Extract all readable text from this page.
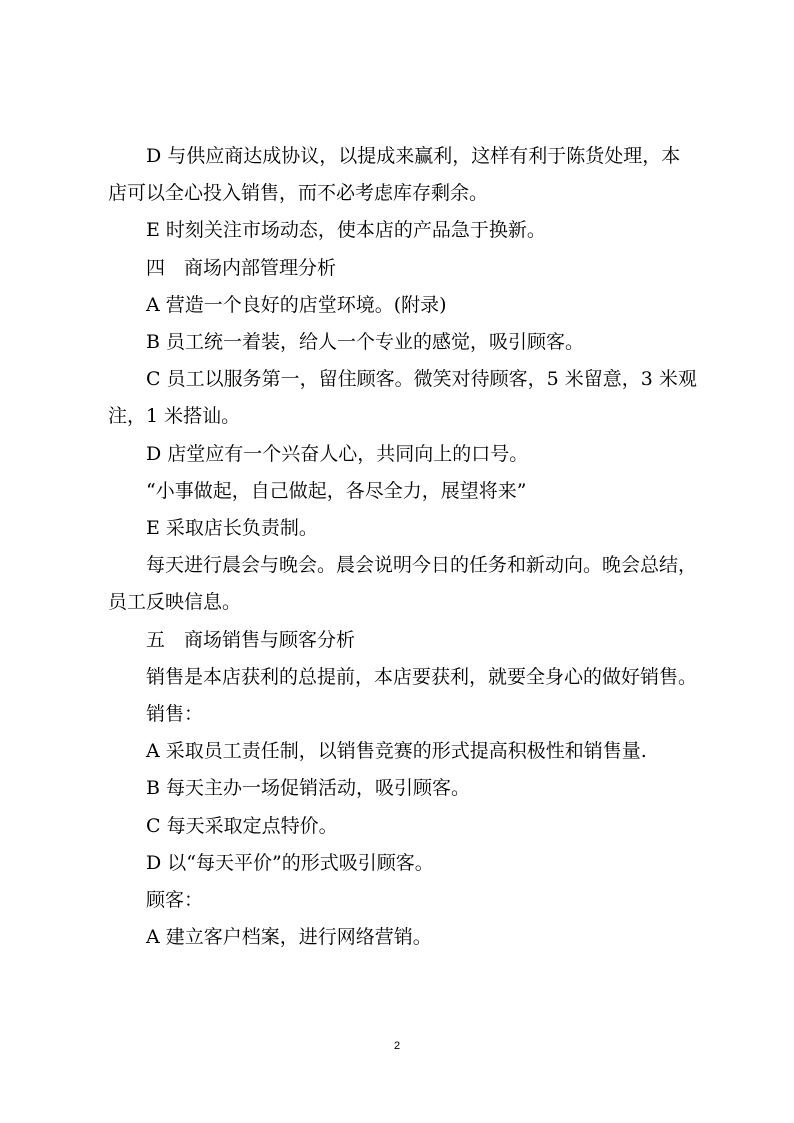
D 与供应商达成协议，以提成来赢利，这样有利于陈货处理，本店可以全心投入销售，而不必考虑库存剩余。

E 时刻关注市场动态，使本店的产品急于换新。

四　商场内部管理分析

A 营造一个良好的店堂环境。(附录)

B 员工统一着装，给人一个专业的感觉，吸引顾客。

C 员工以服务第一，留住顾客。微笑对待顾客，5 米留意，3 米观注，1 米搭讪。

D 店堂应有一个兴奋人心，共同向上的口号。

“小事做起，自己做起，各尽全力，展望将来”

E 采取店长负责制。

每天进行晨会与晚会。晨会说明今日的任务和新动向。晚会总结，员工反映信息。

五　商场销售与顾客分析

销售是本店获利的总提前，本店要获利，就要全身心的做好销售。

销售：

A 采取员工责任制，以销售竞赛的形式提高积极性和销售量.

B 每天主办一场促销活动，吸引顾客。

C 每天采取定点特价。

D 以“每天平价”的形式吸引顾客。

顾客：

A 建立客户档案，进行网络营销。

2
